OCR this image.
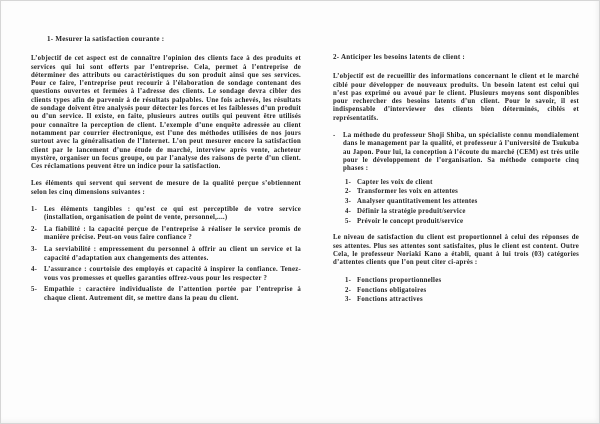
1- Mesurer la satisfaction courante :

L’objectif de cet aspect est de connaître l’opinion des clients face à des produits et services qui lui sont offerts par l’entreprise. Cela, permet à l’entreprise de déterminer des attributs ou caractéristiques du son produit ainsi que ses services. Pour ce faire, l’entreprise peut recourir à l’élaboration de sondage contenant des questions ouvertes et fermées à l’adresse des clients. Le sondage devra cibler des clients types afin de parvenir à de résultats palpables. Une fois achevés, les résultats de sondage doivent être analysés pour détecter les forces et les faiblesses d’un produit ou d’un service. Il existe, en faite, plusieurs autres outils qui peuvent être utilisés pour connaître la perception de client. L’exemple d’une enquête adressée au client notamment par courrier électronique, est l’une des méthodes utilisées de nos jours surtout avec la généralisation de l’Internet. L’on peut mesurer encore la satisfaction client par le lancement d’une étude de marché, interview après vente, acheteur mystère, organiser un focus groupe, ou par l’analyse des raisons de perte d’un client. Ces réclamations peuvent être un indice pour la satisfaction.

Les éléments qui servent qui servent de mesure de la qualité perçue s’obtiennent selon les cinq dimensions suivantes :

1-	Les éléments tangibles : qu’est ce qui est perceptible de votre service (installation, organisation de point de vente, personnel,....)
2-	La fiabilité : la capacité perçue de l’entreprise à réaliser le service promis de manière précise. Peut-on vous faire confiance ?
3-	La serviabilité : empressement du personnel à offrir au client un service et la capacité d’adaptation aux changements des attentes.
4-	L’assurance : courtoisie des employés et capacité à inspirer la confiance. Tenez-vous vos promesses et quelles garanties offrez-vous pour les respecter ?
5-	Empathie : caractère individualiste de l’attention portée par l’entreprise à chaque client. Autrement dit, se mettre dans la peau du client.
2- Anticiper les besoins latents de client :

L’objectif est de recueillir des informations concernant le client et le marché ciblé pour développer de nouveaux produits. Un besoin latent est celui qui n’est pas exprimé ou avoué par le client. Plusieurs moyens sont disponibles pour rechercher des besoins latents d’un client. Pour le savoir, il est indispensable d’interviewer des clients bien déterminés, ciblés et représentatifs.

-	La méthode du professeur Shoji Shiba, un spécialiste connu mondialement dans le management par la qualité, et professeur à l’université de Tsukuba au Japon. Pour lui, la conception à l’écoute du marché (CEM) est très utile pour le développement de l’organisation. Sa méthode comporte cinq phases :
1- Capter les voix de client
2- Transformer les voix en attentes
3- Analyser quantitativement les attentes
4- Définir la stratégie produit/service
5- Prévoir le concept produit/service

Le niveau de satisfaction du client est proportionnel à celui des réponses de ses attentes. Plus ses attentes sont satisfaites, plus le client est content. Outre Cela, le professeur Noriaki Kano a établi, quant à lui trois (03) catégories d’attentes clients que l’on peut citer ci-après :

1- Fonctions proportionnelles
2- Fonctions obligatoires
3- Fonctions attractives
